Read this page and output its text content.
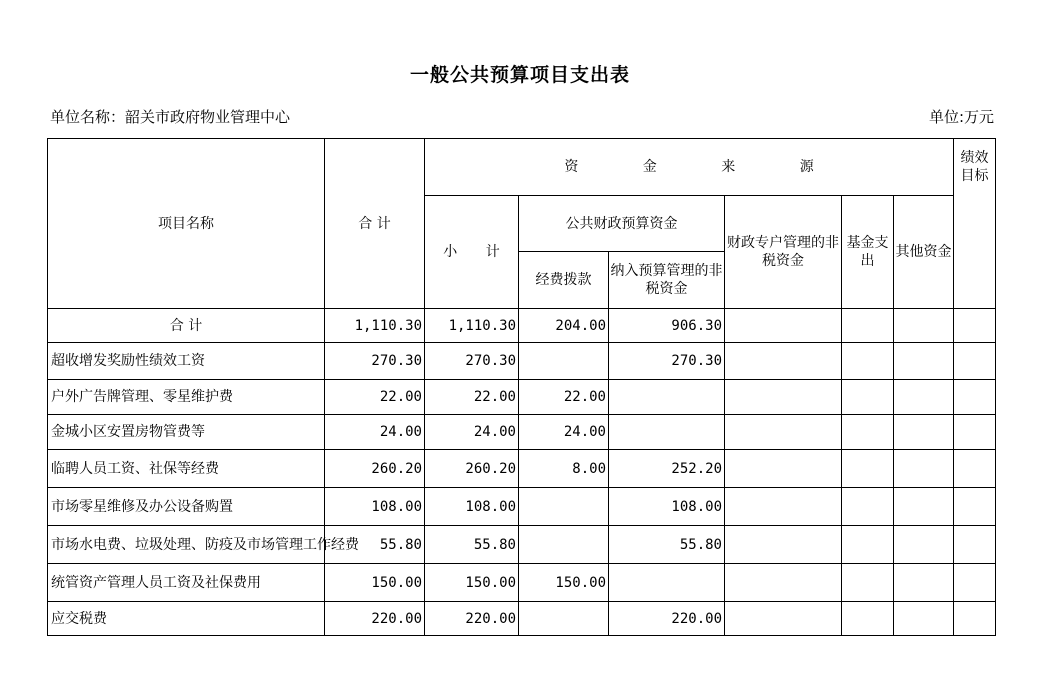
一般公共预算项目支出表
单位名称：韶关市政府物业管理中心	单位:万元
项目名称	合 计	资 金 来 源						绩效目标
		小 计	公共财政预算资金		财政专户管理的非税资金	基金支出	其他资金	
			经费拨款	纳入预算管理的非税资金				
合 计	1,110.30	1,110.30	204.00	906.30				
超收增发奖励性绩效工资	270.30	270.30		270.30				
户外广告牌管理、零星维护费	22.00	22.00	22.00					
金城小区安置房物管费等	24.00	24.00	24.00					
临聘人员工资、社保等经费	260.20	260.20	8.00	252.20				
市场零星维修及办公设备购置	108.00	108.00		108.00				
市场水电费、垃圾处理、防疫及市场管理工作经费	55.80	55.80		55.80				
统管资产管理人员工资及社保费用	150.00	150.00	150.00					
应交税费	220.00	220.00		220.00				
